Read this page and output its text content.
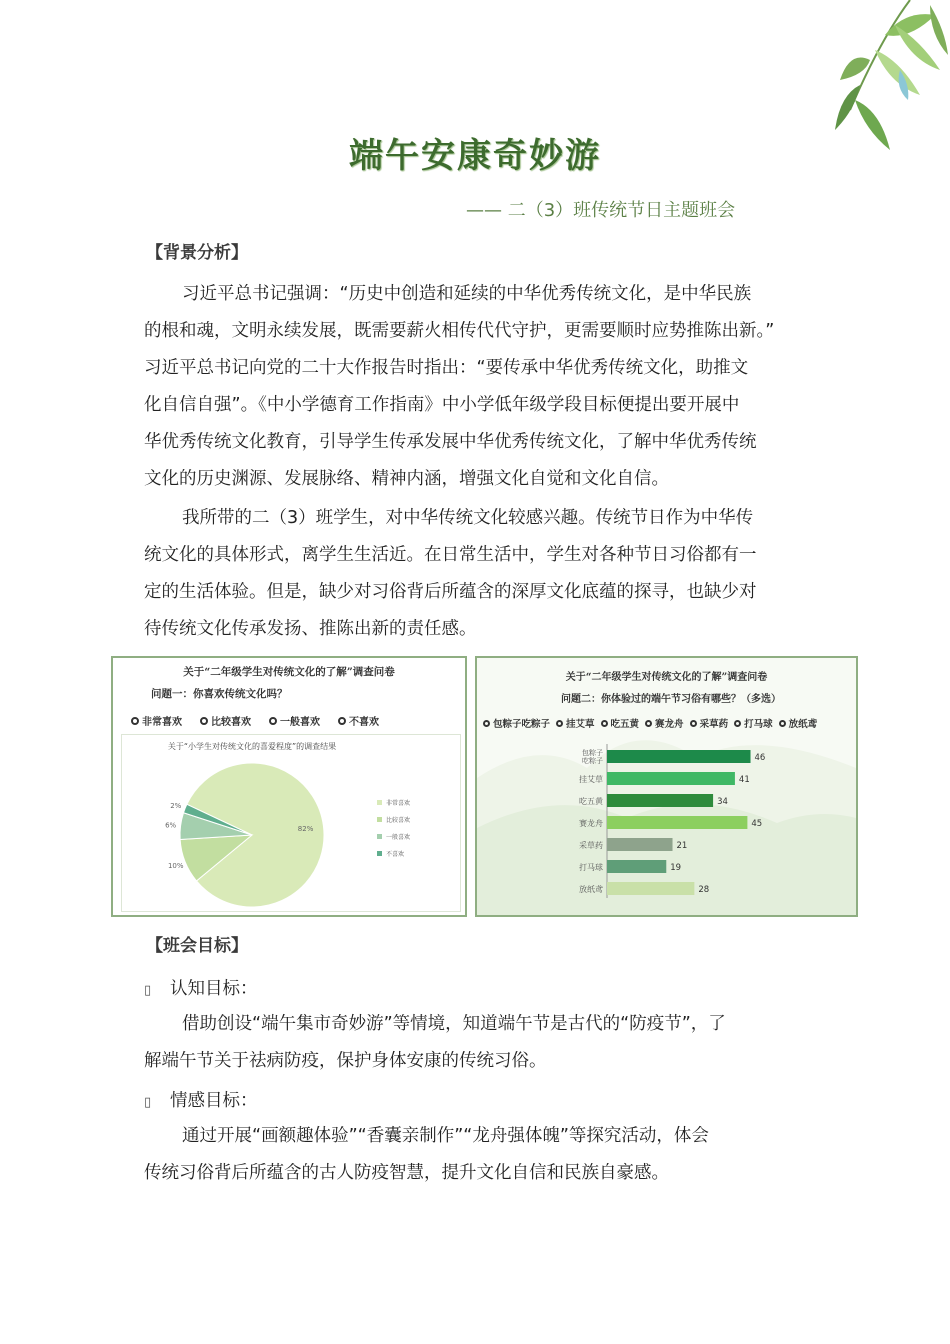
端午安康奇妙游
—— 二（3）班传统节日主题班会
【背景分析】
习近平总书记强调：“历史中创造和延续的中华优秀传统文化，是中华民族
的根和魂，文明永续发展，既需要薪火相传代代守护，更需要顺时应势推陈出新。”
习近平总书记向党的二十大作报告时指出：“要传承中华优秀传统文化，助推文
化自信自强”。《中小学德育工作指南》中小学低年级学段目标便提出要开展中
华优秀传统文化教育，引导学生传承发展中华优秀传统文化，了解中华优秀传统
文化的历史渊源、发展脉络、精神内涵，增强文化自觉和文化自信。
我所带的二（3）班学生，对中华传统文化较感兴趣。传统节日作为中华传
统文化的具体形式，离学生生活近。在日常生活中，学生对各种节日习俗都有一
定的生活体验。但是，缺少对习俗背后所蕴含的深厚文化底蕴的探寻，也缺少对
待传统文化传承发扬、推陈出新的责任感。
关于“二年级学生对传统文化的了解”调查问卷
问题一：你喜欢传统文化吗？
非常喜欢	比较喜欢	一般喜欢	不喜欢
关于“小学生对传统文化的喜爱程度”的调查结果
82%
10%
6%
2%	非常喜欢
比较喜欢
一般喜欢
不喜欢
关于“二年级学生对传统文化的了解”调查问卷
问题二：你体验过的端午节习俗有哪些？（多选）
包粽子吃粽子 挂艾草 吃五黄 赛龙舟 采草药 打马球 放纸鸢
包粽子
吃粽子	46
挂艾草	41
吃五黄	34
赛龙舟	45
采草药	21
打马球	19
放纸鸢	28
【班会目标】
▯ 认知目标：
借助创设“端午集市奇妙游”等情境，知道端午节是古代的“防疫节”，了
解端午节关于祛病防疫，保护身体安康的传统习俗。
▯ 情感目标：
通过开展“画额趣体验”“香囊亲制作”“龙舟强体魄”等探究活动，体会
传统习俗背后所蕴含的古人防疫智慧，提升文化自信和民族自豪感。
